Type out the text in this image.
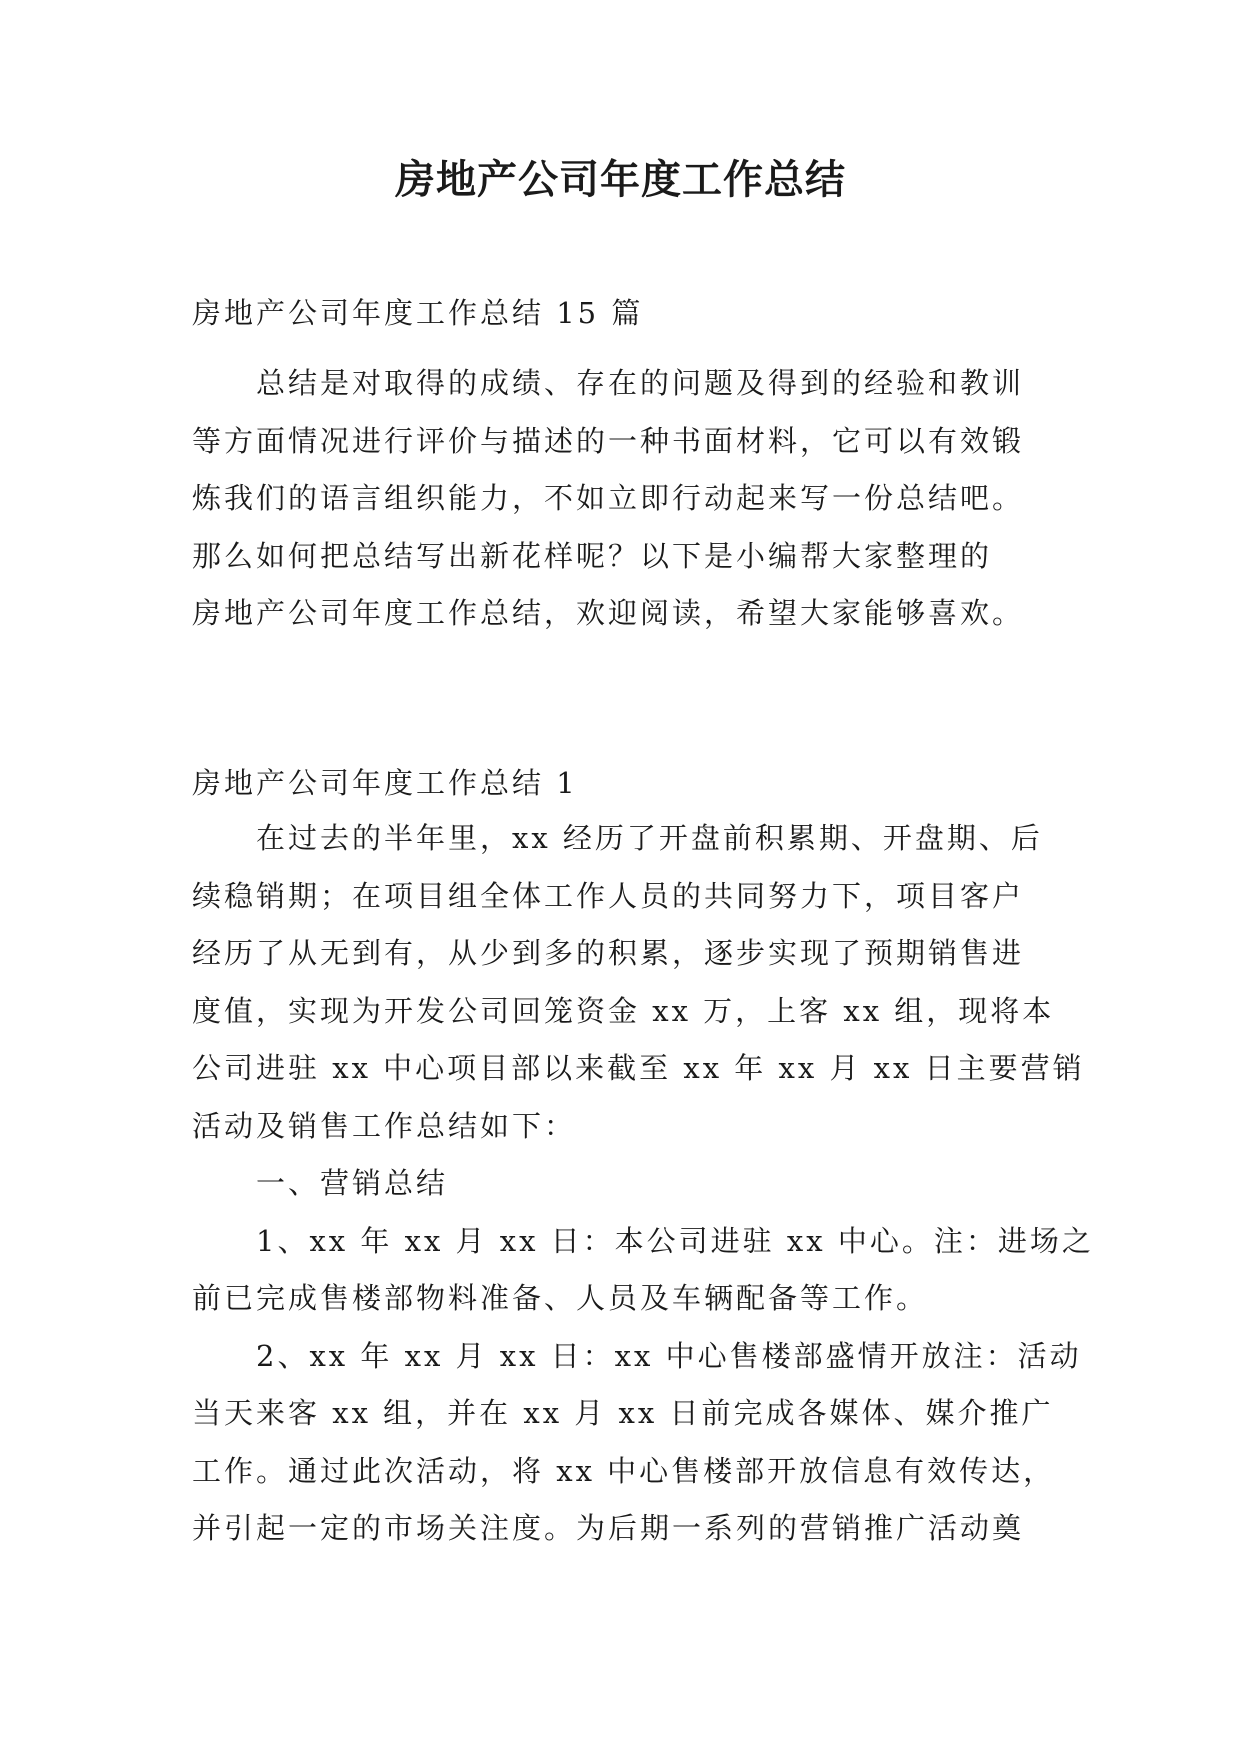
房地产公司年度工作总结

房地产公司年度工作总结 15 篇

总结是对取得的成绩、存在的问题及得到的经验和教训
等方面情况进行评价与描述的一种书面材料，它可以有效锻
炼我们的语言组织能力，不如立即行动起来写一份总结吧。
那么如何把总结写出新花样呢？以下是小编帮大家整理的
房地产公司年度工作总结，欢迎阅读，希望大家能够喜欢。

房地产公司年度工作总结 1

在过去的半年里，xx 经历了开盘前积累期、开盘期、后
续稳销期；在项目组全体工作人员的共同努力下，项目客户
经历了从无到有，从少到多的积累，逐步实现了预期销售进
度值，实现为开发公司回笼资金 xx 万，上客 xx 组，现将本
公司进驻 xx 中心项目部以来截至 xx 年 xx 月 xx 日主要营销
活动及销售工作总结如下：
一、营销总结
1、xx 年 xx 月 xx 日：本公司进驻 xx 中心。注：进场之
前已完成售楼部物料准备、人员及车辆配备等工作。
2、xx 年 xx 月 xx 日：xx 中心售楼部盛情开放注：活动
当天来客 xx 组，并在 xx 月 xx 日前完成各媒体、媒介推广
工作。通过此次活动，将 xx 中心售楼部开放信息有效传达，
并引起一定的市场关注度。为后期一系列的营销推广活动奠
